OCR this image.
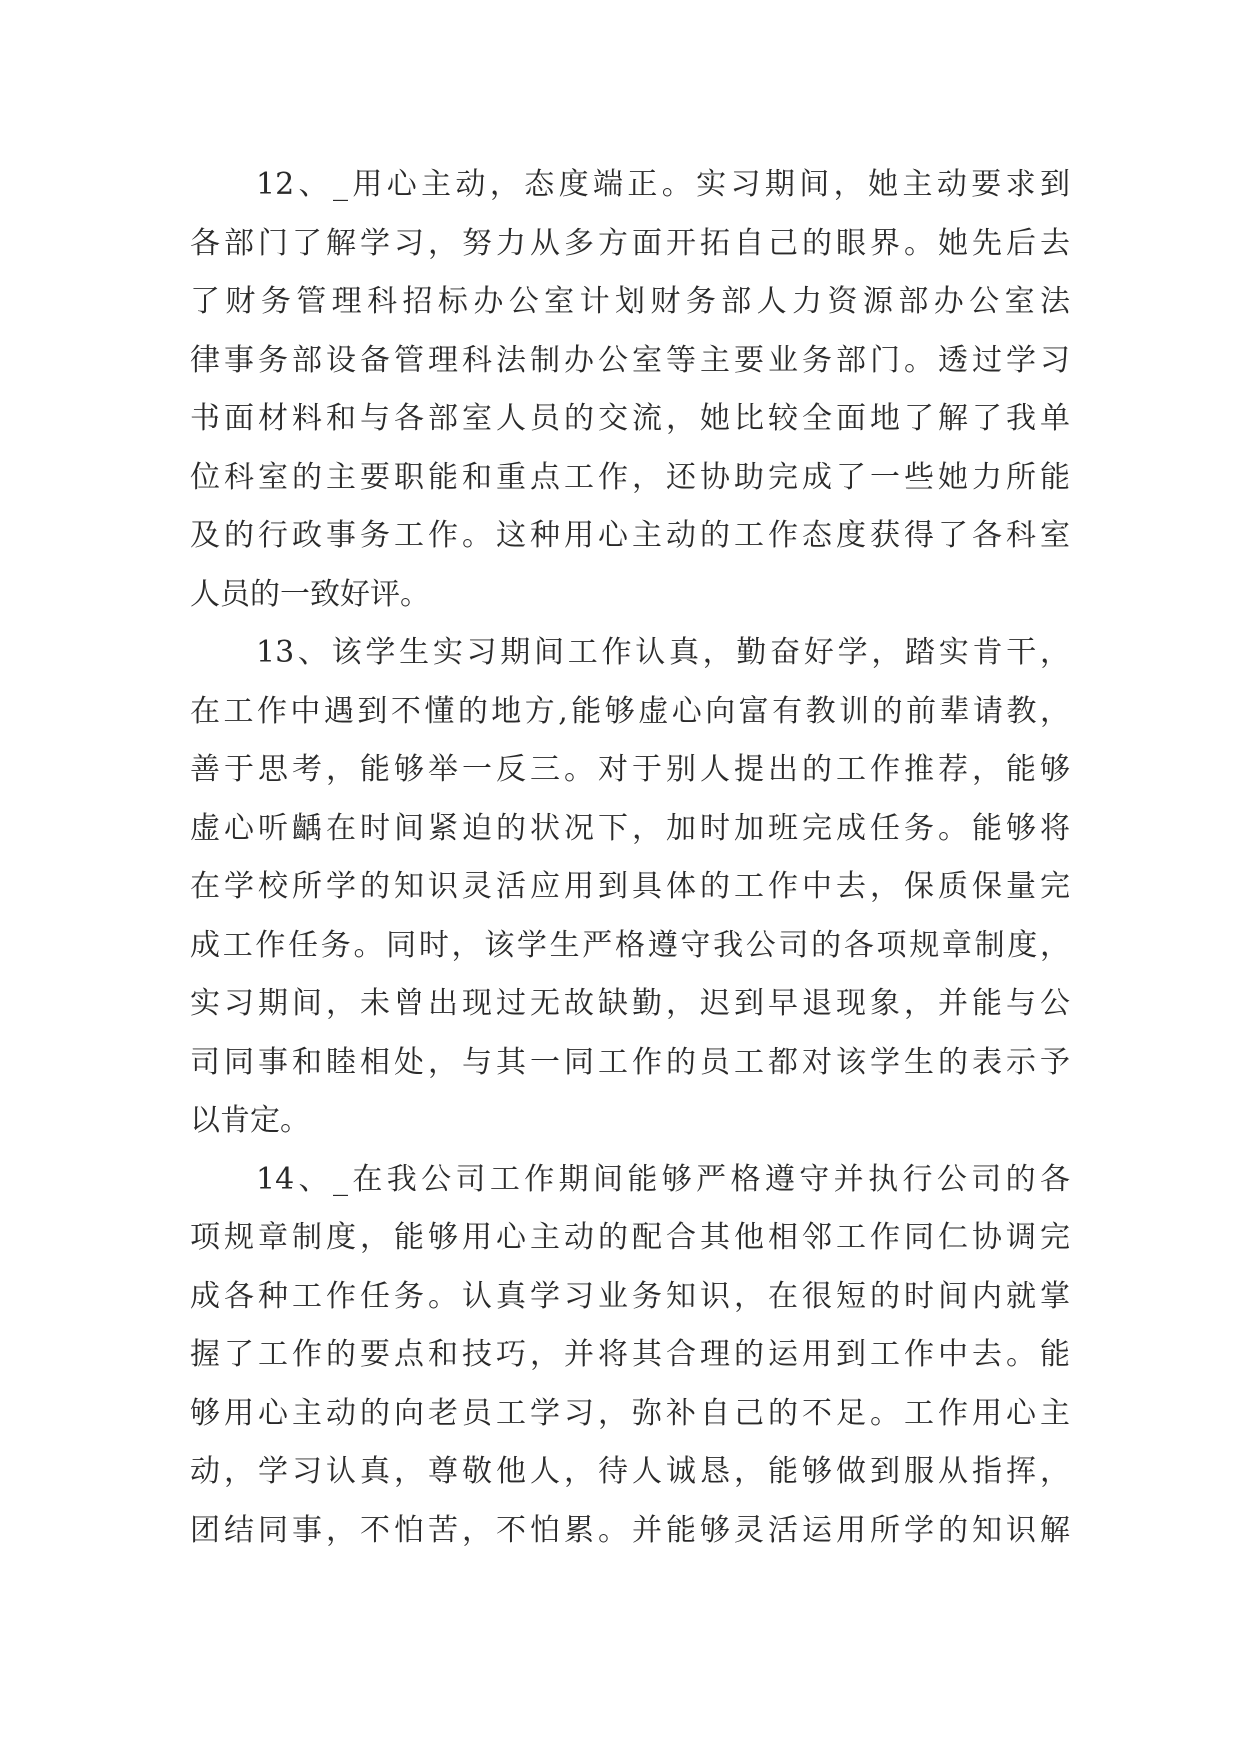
12、_用心主动，态度端正。实习期间，她主动要求到
各部门了解学习，努力从多方面开拓自己的眼界。她先后去
了财务管理科招标办公室计划财务部人力资源部办公室法
律事务部设备管理科法制办公室等主要业务部门。透过学习
书面材料和与各部室人员的交流，她比较全面地了解了我单
位科室的主要职能和重点工作，还协助完成了一些她力所能
及的行政事务工作。这种用心主动的工作态度获得了各科室
人员的一致好评。
13、该学生实习期间工作认真，勤奋好学，踏实肯干，
在工作中遇到不懂的地方,能够虚心向富有教训的前辈请教，
善于思考，能够举一反三。对于别人提出的工作推荐，能够
虚心听齲在时间紧迫的状况下，加时加班完成任务。能够将
在学校所学的知识灵活应用到具体的工作中去，保质保量完
成工作任务。同时，该学生严格遵守我公司的各项规章制度，
实习期间，未曾出现过无故缺勤，迟到早退现象，并能与公
司同事和睦相处，与其一同工作的员工都对该学生的表示予
以肯定。
14、_在我公司工作期间能够严格遵守并执行公司的各
项规章制度，能够用心主动的配合其他相邻工作同仁协调完
成各种工作任务。认真学习业务知识，在很短的时间内就掌
握了工作的要点和技巧，并将其合理的运用到工作中去。能
够用心主动的向老员工学习，弥补自己的不足。工作用心主
动，学习认真，尊敬他人，待人诚恳，能够做到服从指挥，
团结同事，不怕苦，不怕累。并能够灵活运用所学的知识解
